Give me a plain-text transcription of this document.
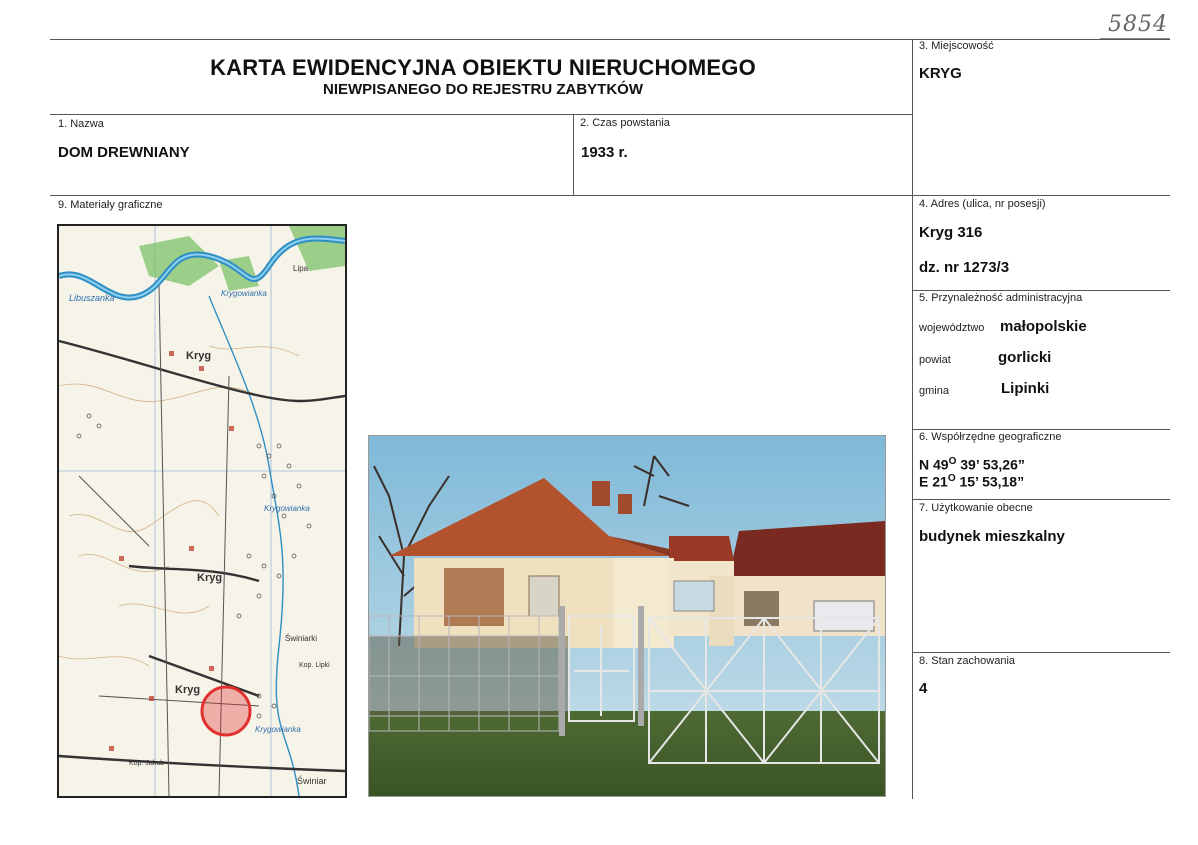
5854
KARTA EWIDENCYJNA OBIEKTU NIERUCHOMEGO
NIEWPISANEGO DO REJESTRU ZABYTKÓW
3. Miejscowość
KRYG
1. Nazwa
DOM DREWNIANY
2. Czas powstania
1933 r.
9. Materiały graficzne	4. Adres (ulica, nr posesji)
Kryg 316
dz. nr 1273/3
5. Przynależność administracyjna
województwo małopolskie
powiat	gorlicki
gmina	Lipinki
6. Współrzędne geograficzne
N $49^O$ 39’ 53,26”
E $21^O$ 15’ 53,18”
7. Użytkowanie obecne
budynek mieszkalny
8. Stan zachowania
4
Kryg
Kryg
Kryg
Libuszanka	Krygowianka
Krygowianka
Krygowianka
Lipa
Świniarki
Świniar
Kop. Lipki
Kop. Jakub
